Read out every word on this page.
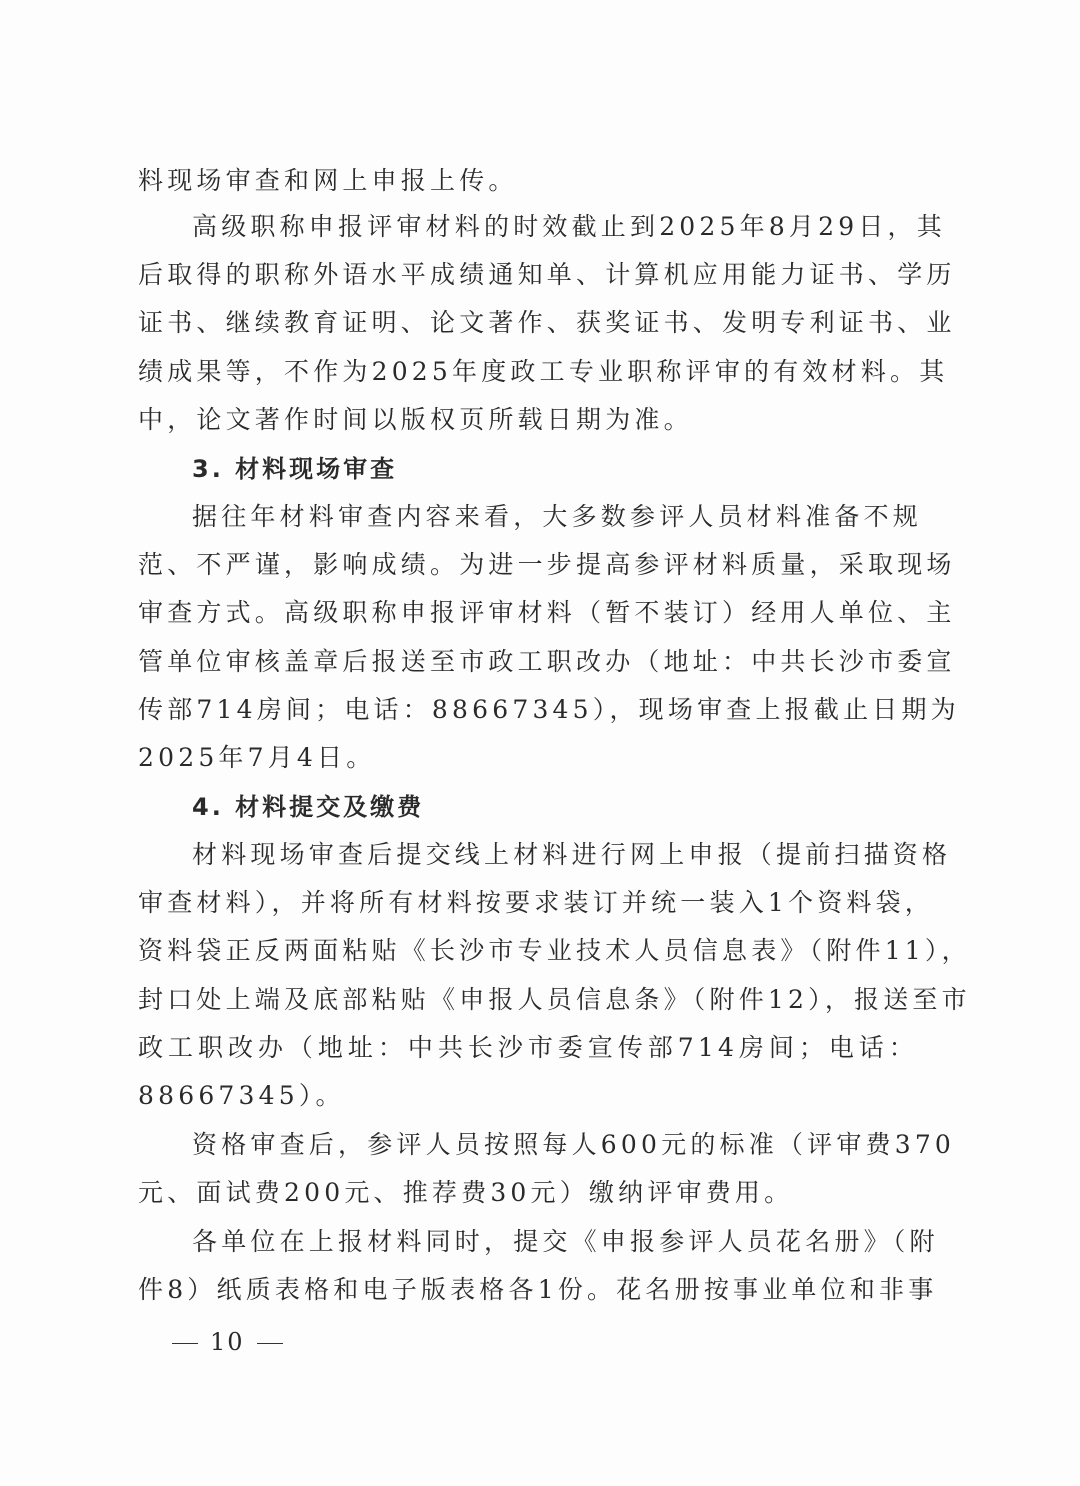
料现场审查和网上申报上传。
高级职称申报评审材料的时效截止到2025年8月29日，其
后取得的职称外语水平成绩通知单、计算机应用能力证书、学历
证书、继续教育证明、论文著作、获奖证书、发明专利证书、业
绩成果等，不作为2025年度政工专业职称评审的有效材料。其
中，论文著作时间以版权页所载日期为准。
3. 材料现场审查
据往年材料审查内容来看，大多数参评人员材料准备不规
范、不严谨，影响成绩。为进一步提高参评材料质量，采取现场
审查方式。高级职称申报评审材料（暂不装订）经用人单位、主
管单位审核盖章后报送至市政工职改办（地址：中共长沙市委宣
传部714房间；电话：88667345），现场审查上报截止日期为
2025年7月4日。
4. 材料提交及缴费
材料现场审查后提交线上材料进行网上申报（提前扫描资格
审查材料），并将所有材料按要求装订并统一装入1个资料袋，
资料袋正反两面粘贴《长沙市专业技术人员信息表》（附件11），
封口处上端及底部粘贴《申报人员信息条》（附件12），报送至市
政工职改办（地址：中共长沙市委宣传部714房间；电话：
88667345）。
资格审查后，参评人员按照每人600元的标准（评审费370
元、面试费200元、推荐费30元）缴纳评审费用。
各单位在上报材料同时，提交《申报参评人员花名册》（附
件8）纸质表格和电子版表格各1份。花名册按事业单位和非事
10
